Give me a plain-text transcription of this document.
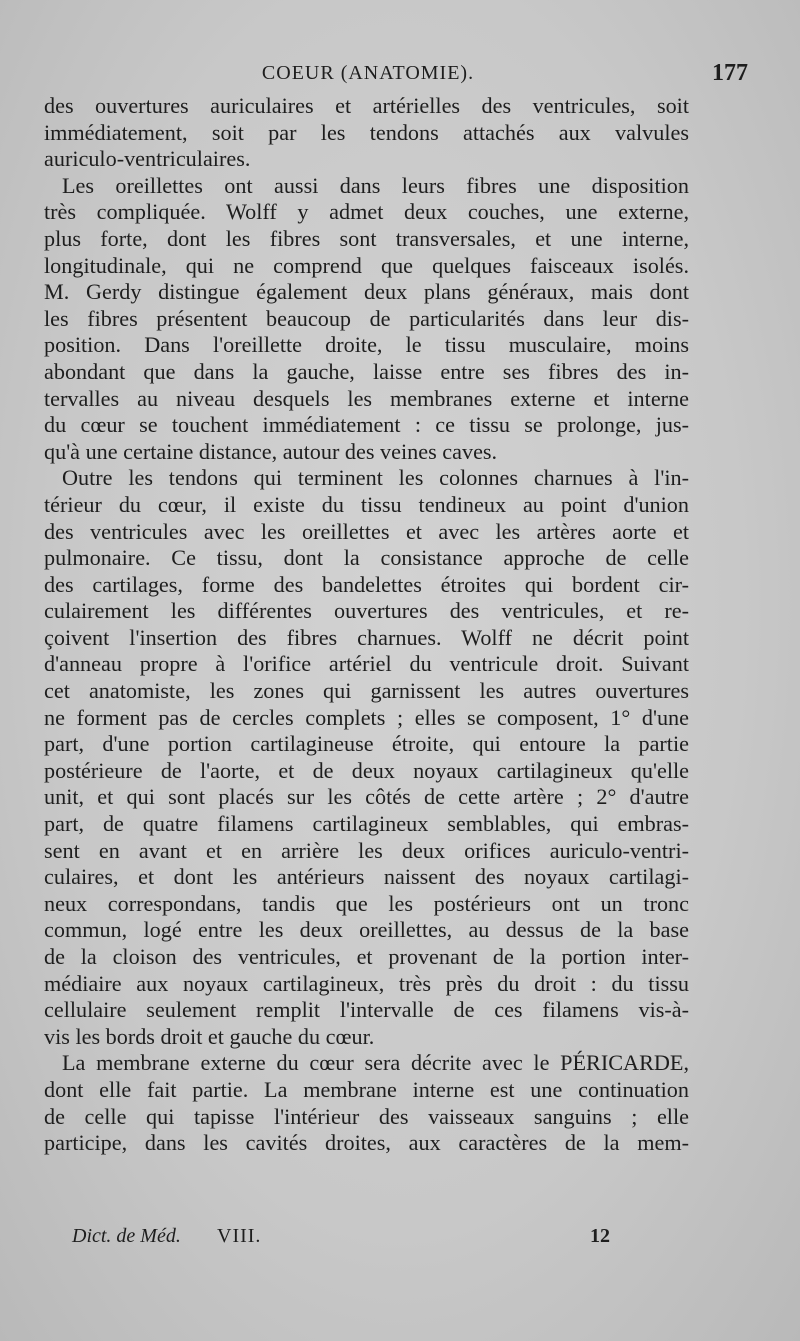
COEUR (ANATOMIE).	177
des ouvertures auriculaires et artérielles des ventricules, soit
immédiatement, soit par les tendons attachés aux valvules
auriculo-ventriculaires.
Les oreillettes ont aussi dans leurs fibres une disposition
très compliquée. Wolff y admet deux couches, une externe,
plus forte, dont les fibres sont transversales, et une interne,
longitudinale, qui ne comprend que quelques faisceaux isolés.
M. Gerdy distingue également deux plans généraux, mais dont
les fibres présentent beaucoup de particularités dans leur dis-
position. Dans l'oreillette droite, le tissu musculaire, moins
abondant que dans la gauche, laisse entre ses fibres des in-
tervalles au niveau desquels les membranes externe et interne
du cœur se touchent immédiatement : ce tissu se prolonge, jus-
qu'à une certaine distance, autour des veines caves.
Outre les tendons qui terminent les colonnes charnues à l'in-
térieur du cœur, il existe du tissu tendineux au point d'union
des ventricules avec les oreillettes et avec les artères aorte et
pulmonaire. Ce tissu, dont la consistance approche de celle
des cartilages, forme des bandelettes étroites qui bordent cir-
culairement les différentes ouvertures des ventricules, et re-
çoivent l'insertion des fibres charnues. Wolff ne décrit point
d'anneau propre à l'orifice artériel du ventricule droit. Suivant
cet anatomiste, les zones qui garnissent les autres ouvertures
ne forment pas de cercles complets ; elles se composent, 1° d'une
part, d'une portion cartilagineuse étroite, qui entoure la partie
postérieure de l'aorte, et de deux noyaux cartilagineux qu'elle
unit, et qui sont placés sur les côtés de cette artère ; 2° d'autre
part, de quatre filamens cartilagineux semblables, qui embras-
sent en avant et en arrière les deux orifices auriculo-ventri-
culaires, et dont les antérieurs naissent des noyaux cartilagi-
neux correspondans, tandis que les postérieurs ont un tronc
commun, logé entre les deux oreillettes, au dessus de la base
de la cloison des ventricules, et provenant de la portion inter-
médiaire aux noyaux cartilagineux, très près du droit : du tissu
cellulaire seulement remplit l'intervalle de ces filamens vis-à-
vis les bords droit et gauche du cœur.
La membrane externe du cœur sera décrite avec le PÉRICARDE,
dont elle fait partie. La membrane interne est une continuation
de celle qui tapisse l'intérieur des vaisseaux sanguins ; elle
participe, dans les cavités droites, aux caractères de la mem-
Dict. de Méd. VIII.	12
